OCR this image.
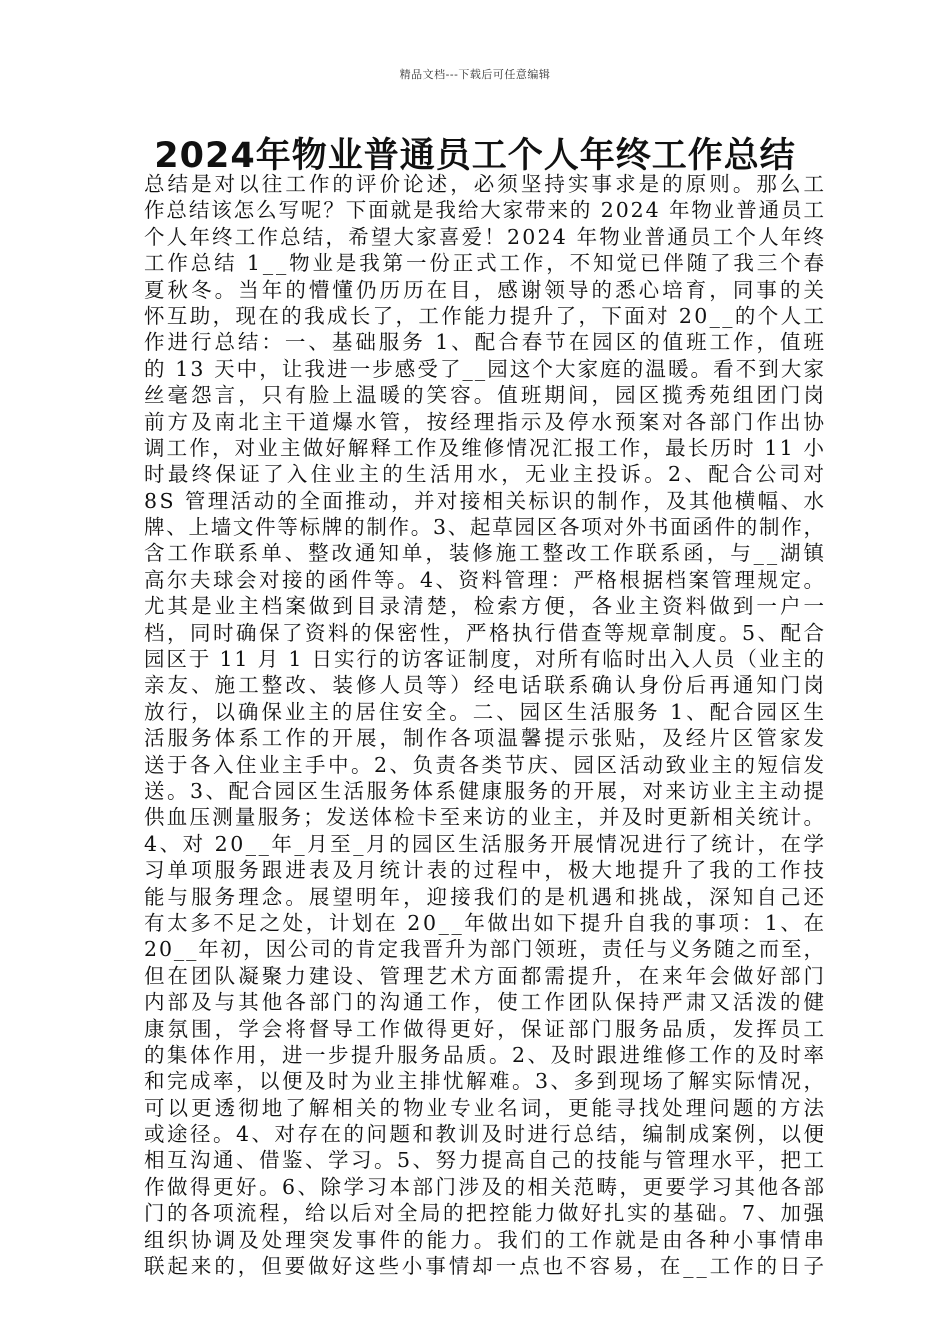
精品文档---下载后可任意编辑
2024年物业普通员工个人年终工作总结
总结是对以往工作的评价论述，必须坚持实事求是的原则。那么工
作总结该怎么写呢？下面就是我给大家带来的 2024 年物业普通员工
个人年终工作总结，希望大家喜爱！2024 年物业普通员工个人年终
工作总结 1__物业是我第一份正式工作，不知觉已伴随了我三个春
夏秋冬。当年的懵懂仍历历在目，感谢领导的悉心培育，同事的关
怀互助，现在的我成长了，工作能力提升了，下面对 20__的个人工
作进行总结：一、基础服务 1、配合春节在园区的值班工作，值班
的 13 天中，让我进一步感受了__园这个大家庭的温暖。看不到大家
丝毫怨言，只有脸上温暖的笑容。值班期间，园区揽秀苑组团门岗
前方及南北主干道爆水管，按经理指示及停水预案对各部门作出协
调工作，对业主做好解释工作及维修情况汇报工作，最长历时 11 小
时最终保证了入住业主的生活用水，无业主投诉。2、配合公司对
8S 管理活动的全面推动，并对接相关标识的制作，及其他横幅、水
牌、上墙文件等标牌的制作。3、起草园区各项对外书面函件的制作，
含工作联系单、整改通知单，装修施工整改工作联系函，与__湖镇
高尔夫球会对接的函件等。4、资料管理：严格根据档案管理规定。
尤其是业主档案做到目录清楚，检索方便，各业主资料做到一户一
档，同时确保了资料的保密性，严格执行借查等规章制度。5、配合
园区于 11 月 1 日实行的访客证制度，对所有临时出入人员（业主的
亲友、施工整改、装修人员等）经电话联系确认身份后再通知门岗
放行，以确保业主的居住安全。二、园区生活服务 1、配合园区生
活服务体系工作的开展，制作各项温馨提示张贴，及经片区管家发
送于各入住业主手中。2、负责各类节庆、园区活动致业主的短信发
送。3、配合园区生活服务体系健康服务的开展，对来访业主主动提
供血压测量服务；发送体检卡至来访的业主，并及时更新相关统计。
4、对 20__年_月至_月的园区生活服务开展情况进行了统计，在学
习单项服务跟进表及月统计表的过程中，极大地提升了我的工作技
能与服务理念。展望明年，迎接我们的是机遇和挑战，深知自己还
有太多不足之处，计划在 20__年做出如下提升自我的事项：1、在
20__年初，因公司的肯定我晋升为部门领班，责任与义务随之而至，
但在团队凝聚力建设、管理艺术方面都需提升，在来年会做好部门
内部及与其他各部门的沟通工作，使工作团队保持严肃又活泼的健
康氛围，学会将督导工作做得更好，保证部门服务品质，发挥员工
的集体作用，进一步提升服务品质。2、及时跟进维修工作的及时率
和完成率，以便及时为业主排忧解难。3、多到现场了解实际情况，
可以更透彻地了解相关的物业专业名词，更能寻找处理问题的方法
或途径。4、对存在的问题和教训及时进行总结，编制成案例，以便
相互沟通、借鉴、学习。5、努力提高自己的技能与管理水平，把工
作做得更好。6、除学习本部门涉及的相关范畴，更要学习其他各部
门的各项流程，给以后对全局的把控能力做好扎实的基础。7、加强
组织协调及处理突发事件的能力。我们的工作就是由各种小事情串
联起来的，但要做好这些小事情却一点也不容易，在__工作的日子
